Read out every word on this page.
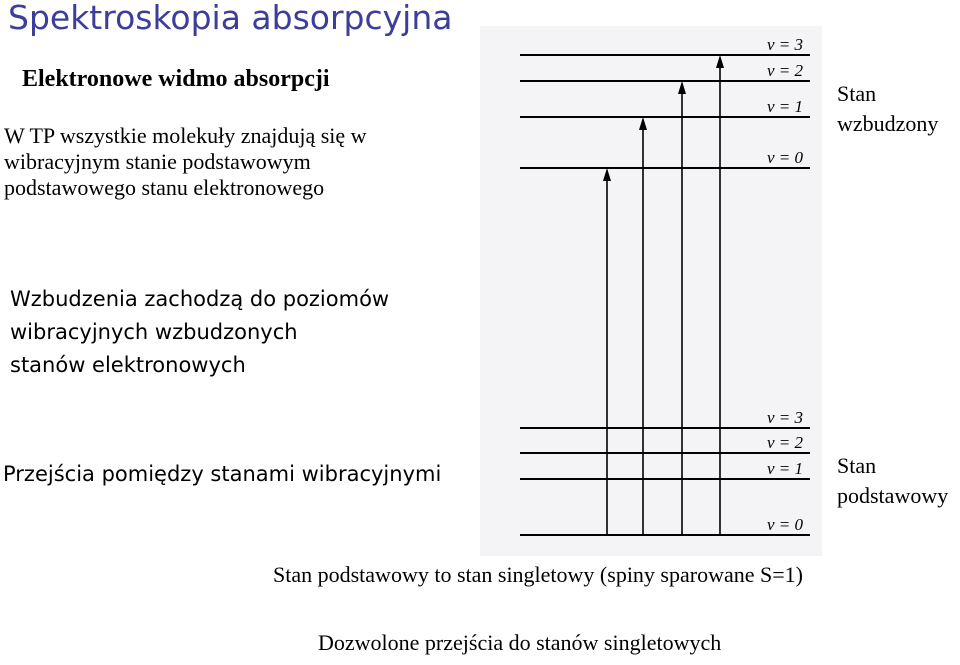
Spektroskopia absorpcyjna
Elektronowe widmo absorpcji
W TP wszystkie molekuły znajdują się w
wibracyjnym stanie podstawowym
podstawowego stanu elektronowego
Wzbudzenia zachodzą do poziomów
wibracyjnych wzbudzonych
stanów elektronowych
Przejścia pomiędzy stanami wibracyjnymi
v = 3
v = 2
v = 1
v = 0
v = 3
v = 2
v = 1
v = 0
Stan
wzbudzony
Stan
podstawowy
Stan podstawowy to stan singletowy (spiny sparowane S=1)
Dozwolone przejścia do stanów singletowych
